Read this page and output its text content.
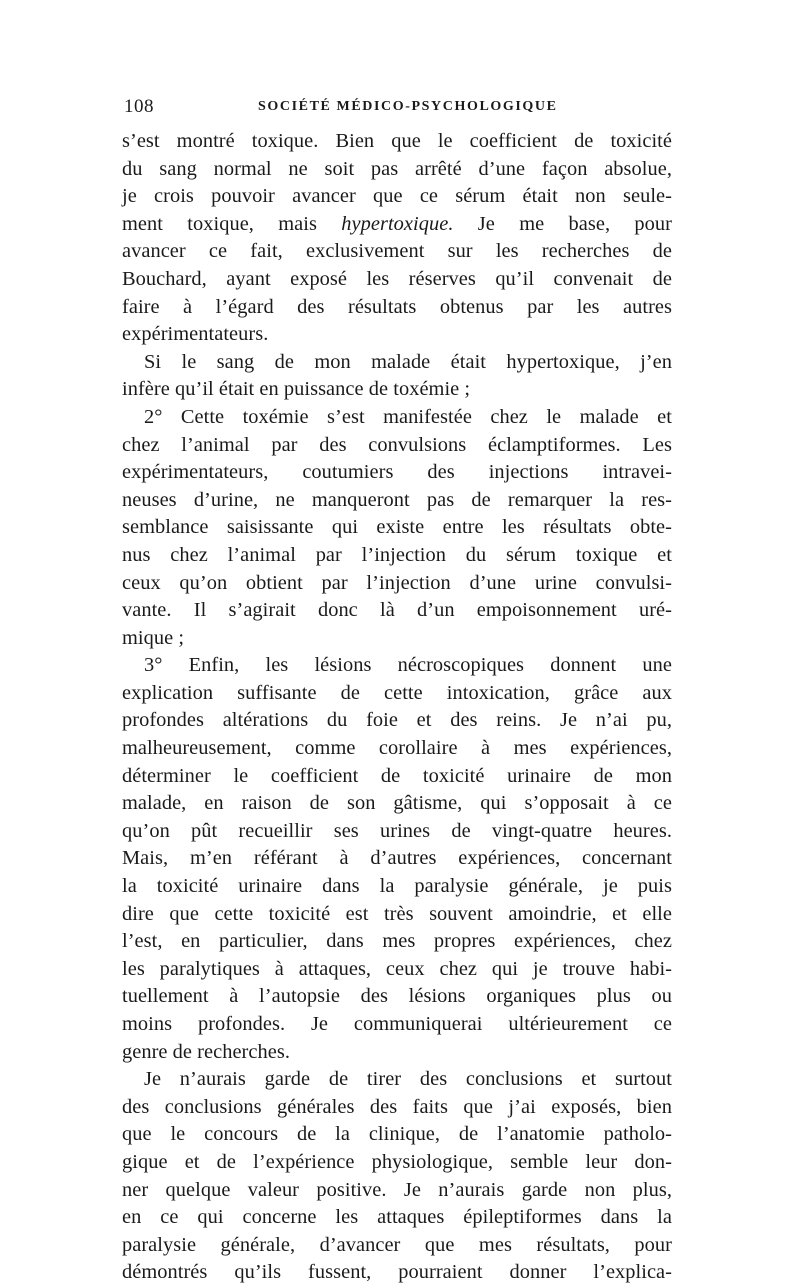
108	SOCIÉTÉ MÉDICO-PSYCHOLOGIQUE
s’est montré toxique. Bien que le coefficient de toxicité
du sang normal ne soit pas arrêté d’une façon absolue,
je crois pouvoir avancer que ce sérum était non seule-
ment toxique, mais hypertoxique. Je me base, pour
avancer ce fait, exclusivement sur les recherches de
Bouchard, ayant exposé les réserves qu’il convenait de
faire à l’égard des résultats obtenus par les autres
expérimentateurs.
Si le sang de mon malade était hypertoxique, j’en
infère qu’il était en puissance de toxémie ;
2° Cette toxémie s’est manifestée chez le malade et
chez l’animal par des convulsions éclamptiformes. Les
expérimentateurs, coutumiers des injections intravei-
neuses d’urine, ne manqueront pas de remarquer la res-
semblance saisissante qui existe entre les résultats obte-
nus chez l’animal par l’injection du sérum toxique et
ceux qu’on obtient par l’injection d’une urine convulsi-
vante. Il s’agirait donc là d’un empoisonnement uré-
mique ;
3° Enfin, les lésions nécroscopiques donnent une
explication suffisante de cette intoxication, grâce aux
profondes altérations du foie et des reins. Je n’ai pu,
malheureusement, comme corollaire à mes expériences,
déterminer le coefficient de toxicité urinaire de mon
malade, en raison de son gâtisme, qui s’opposait à ce
qu’on pût recueillir ses urines de vingt-quatre heures.
Mais, m’en référant à d’autres expériences, concernant
la toxicité urinaire dans la paralysie générale, je puis
dire que cette toxicité est très souvent amoindrie, et elle
l’est, en particulier, dans mes propres expériences, chez
les paralytiques à attaques, ceux chez qui je trouve habi-
tuellement à l’autopsie des lésions organiques plus ou
moins profondes. Je communiquerai ultérieurement ce
genre de recherches.
Je n’aurais garde de tirer des conclusions et surtout
des conclusions générales des faits que j’ai exposés, bien
que le concours de la clinique, de l’anatomie patholo-
gique et de l’expérience physiologique, semble leur don-
ner quelque valeur positive. Je n’aurais garde non plus,
en ce qui concerne les attaques épileptiformes dans la
paralysie générale, d’avancer que mes résultats, pour
démontrés qu’ils fussent, pourraient donner l’explica-
